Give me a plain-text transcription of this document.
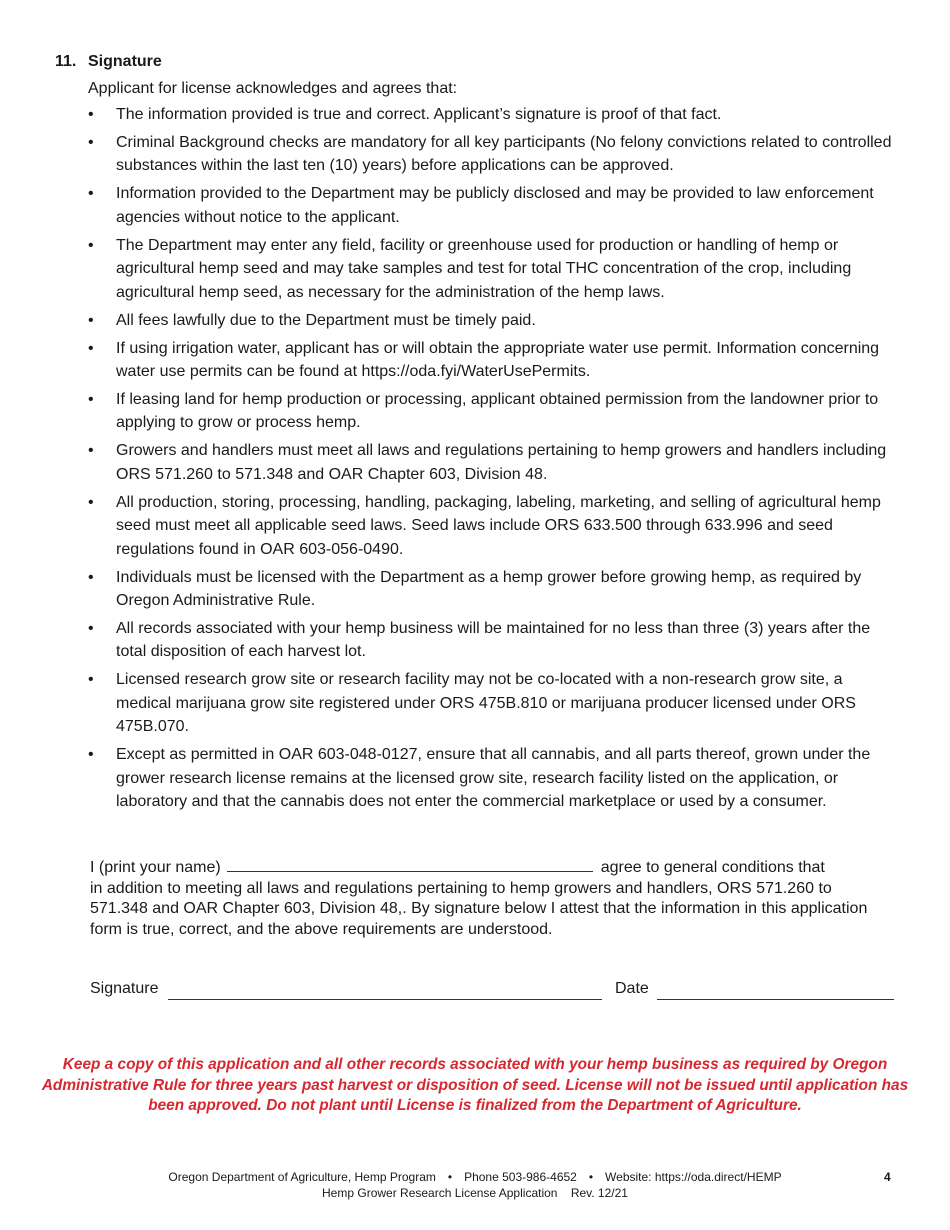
11. Signature
Applicant for license acknowledges and agrees that:
• The information provided is true and correct. Applicant’s signature is proof of that fact.
• Criminal Background checks are mandatory for all key participants (No felony convictions related to controlled substances within the last ten (10) years) before applications can be approved.
• Information provided to the Department may be publicly disclosed and may be provided to law enforcement agencies without notice to the applicant.
• The Department may enter any field, facility or greenhouse used for production or handling of hemp or agricultural hemp seed and may take samples and test for total THC concentration of the crop, including agricultural hemp seed, as necessary for the administration of the hemp laws.
• All fees lawfully due to the Department must be timely paid.
• If using irrigation water, applicant has or will obtain the appropriate water use permit. Information concerning water use permits can be found at https://oda.fyi/WaterUsePermits.
• If leasing land for hemp production or processing, applicant obtained permission from the landowner prior to applying to grow or process hemp.
• Growers and handlers must meet all laws and regulations pertaining to hemp growers and handlers including ORS 571.260 to 571.348 and OAR Chapter 603, Division 48.
• All production, storing, processing, handling, packaging, labeling, marketing, and selling of agricultural hemp seed must meet all applicable seed laws. Seed laws include ORS 633.500 through 633.996 and seed regulations found in OAR 603-056-0490.
• Individuals must be licensed with the Department as a hemp grower before growing hemp, as required by Oregon Administrative Rule.
• All records associated with your hemp business will be maintained for no less than three (3) years after the total disposition of each harvest lot.
• Licensed research grow site or research facility may not be co-located with a non-research grow site, a medical marijuana grow site registered under ORS 475B.810 or marijuana producer licensed under ORS 475B.070.
• Except as permitted in OAR 603-048-0127, ensure that all cannabis, and all parts thereof, grown under the grower research license remains at the licensed grow site, research facility listed on the application, or laboratory and that the cannabis does not enter the commercial marketplace or used by a consumer.
I (print your name)	agree to general conditions that
in addition to meeting all laws and regulations pertaining to hemp growers and handlers, ORS 571.260 to 571.348 and OAR Chapter 603, Division 48,. By signature below I attest that the information in this application form is true, correct, and the above requirements are understood.
Signature	Date
Keep a copy of this application and all other records associated with your hemp business as required by Oregon Administrative Rule for three years past harvest or disposition of seed. License will not be issued until application has been approved. Do not plant until License is finalized from the Department of Agriculture.
Oregon Department of Agriculture, Hemp Program • Phone 503-986-4652 • Website: https://oda.direct/HEMP
Hemp Grower Research License Application Rev. 12/21
4
